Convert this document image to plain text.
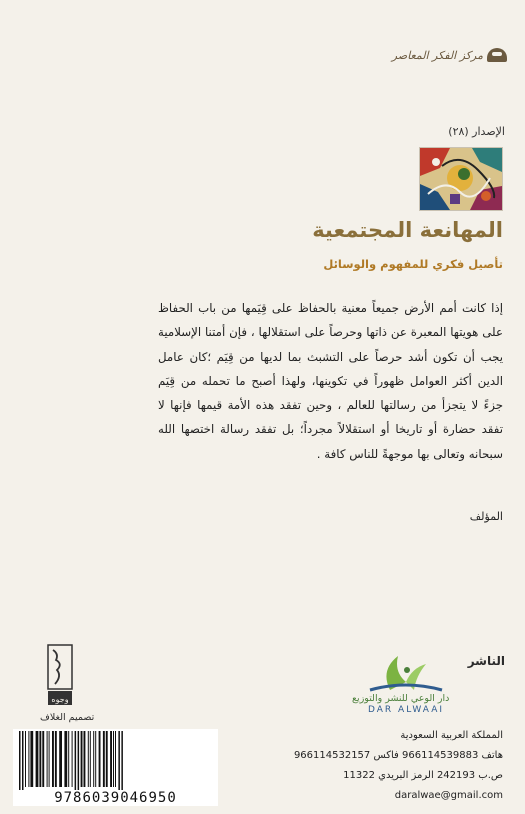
مركز الفكر المعاصر
الإصدار (٢٨)
المهانعة المجتمعية
تأصيل فكري للمفهوم والوسائل

إذا كانت أمم الأرض جميعاً معنية بالحفاظ على قِيَمها من باب الحفاظ على هويتها المعبرة عن ذاتها وحرصاً على استقلالها ، فإن أمتنا الإسلامية يجب أن تكون أشد حرصاً على التشبث بما لديها من قِيَم ؛كان عامل الدين أكثر العوامل ظهوراً في تكوينها، ولهذا أصبح ما تحمله من قِيَم جزءً لا يتجزأ من رسالتها للعالم ، وحين تفقد هذه الأمة قيمها فإنها لا تفقد حضارة أو تاريخا أو استقلالاً مجرداً؛ بل تفقد رسالة اختصها الله سبحانه وتعالى بها موجهةً للناس كافة .

المؤلف
الناشر
دار الوعي للنشر والتوزيع
DAR ALWAAI
المملكة العربية السعودية
هاتف 966114539883 فاكس 966114532157
ص.ب 242193 الرمز البريدي 11322
daralwae@gmail.com
وجوه
تصميم الغلاف
9786039046950
